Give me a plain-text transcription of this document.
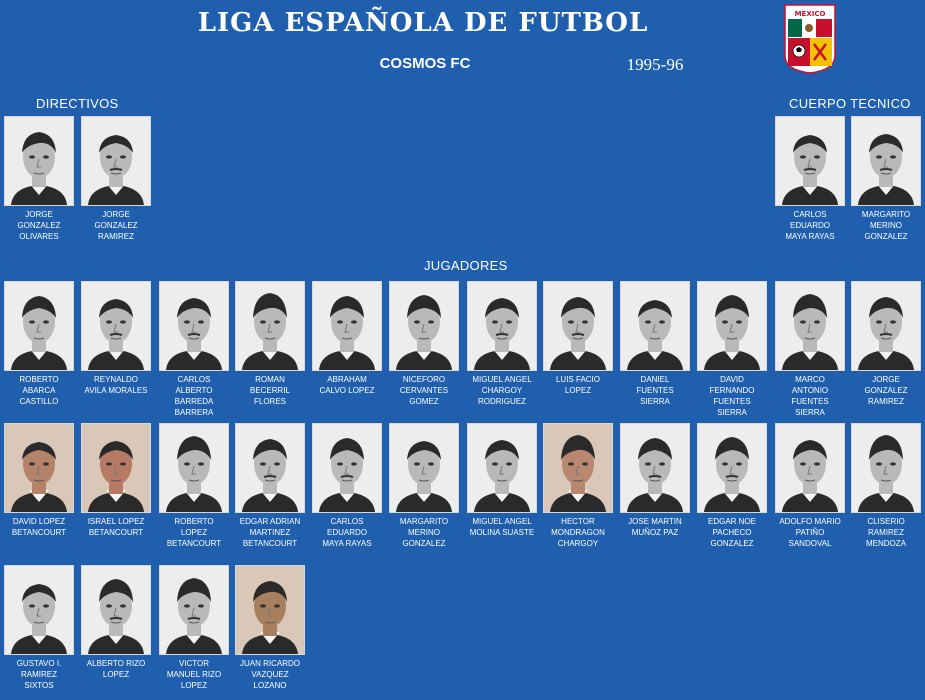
LIGA ESPAÑOLA DE FUTBOL
COSMOS FC	1995-96
MEXICO
DIRECTIVOS	CUERPO TECNICO
JUGADORES
JORGE
GONZALEZ
OLIVARES
JORGE
GONZALEZ
RAMIREZ
CARLOS
EDUARDO
MAYA RAYAS
MARGARITO
MERINO
GONZALEZ
ROBERTO
ABARCA
CASTILLO
REYNALDO
AVILA MORALES
CARLOS
ALBERTO
BARREDA
BARRERA
ROMAN
BECERRIL
FLORES
ABRAHAM
CALVO LOPEZ
NICEFORO
CERVANTES
GOMEZ
MIGUEL ANGEL
CHARGOY
RODRIGUEZ
LUIS FACIO
LOPEZ
DANIEL
FUENTES
SIERRA
DAVID
FERNANDO
FUENTES
SIERRA
MARCO
ANTONIO
FUENTES
SIERRA
JORGE
GONZALEZ
RAMIREZ
DAVID LOPEZ
BETANCOURT
ISRAEL LOPEZ
BETANCOURT
ROBERTO
LOPEZ
BETANCOURT
EDGAR ADRIAN
MARTINEZ
BETANCOURT
CARLOS
EDUARDO
MAYA RAYAS
MARGARITO
MERINO
GONZALEZ
MIGUEL ANGEL
MOLINA SUASTE
HECTOR
MONDRAGON
CHARGOY
JOSE MARTIN
MUÑOZ PAZ
EDGAR NOE
PACHECO
GONZALEZ
ADOLFO MARIO
PATIÑO
SANDOVAL
CLISERIO
RAMIREZ
MENDOZA
GUSTAVO I.
RAMIREZ
SIXTOS
ALBERTO RIZO
LOPEZ
VICTOR
MANUEL RIZO
LOPEZ
JUAN RICARDO
VAZQUEZ
LOZANO
